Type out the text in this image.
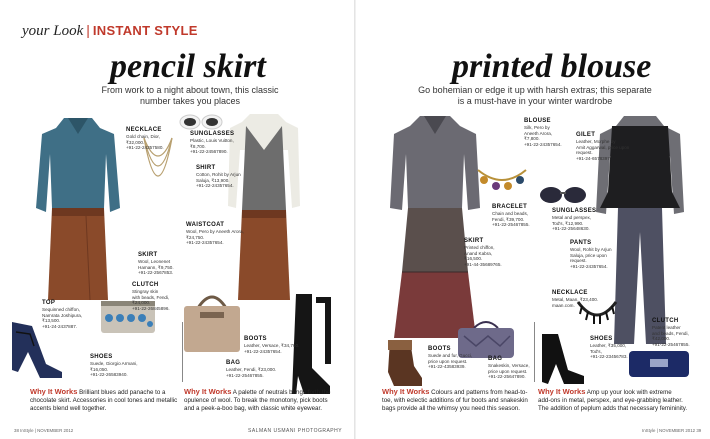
your Look | INSTANT STYLE
pencil skirt
From work to a night about town, this classic
number takes you places
NECKLACE
Gold chain, Dior,
₹32,000.
+91-22-24357580.
SUNGLASSES
Plastic, Louis Vuitton,
₹8,700.
+91-22-24567890.
SHIRT
Cotton, Rohit by Arjun
Saluja, ₹13,900.
+91-22-24357654.
WAISTCOAT
Wool, Pero by Aneeth Arora,
₹24,750.
+91-22-24357654.
SKIRT
Wool, Leonenet
Hamann, ₹9,750.
+91-22-2567853.
CLUTCH
Stingray skin
with beads, Fendi,
₹24,000.
+91-22-26845896.
TOP
Sequinned chiffon,
Namrata Joshipura,
₹13,500.
+91-24-2437887.
SHOES
Suede, Giorgio Armani,
₹16,050.
+91-22-26583940.
BOOTS
Leather, Versace, ₹34,760.
+91-22-24357654.
BAG
Leather, Fendi, ₹23,000.
+91-22-25467855.
Why It Works Brilliant blues add panache to a
chocolate skirt. Accessories in cool tones and metallic
accents blend well together.
Why It Works A palette of neutrals brings forth the
opulence of wool. To break the monotony, pick boots
and a peek-a-boo bag, with classic white eyewear.
38 InStyle | NOVEMBER 2012	SALMAN USMANI PHOTOGRAPHY
printed blouse
Go bohemian or edge it up with harsh extras; this separate
is a must-have in your winter wardrobe
BLOUSE
Silk, Pero by
Aneeth Arora,
₹7,800.
+91-22-24357654.
GILET
Leather, Morphe by
Amit Aggarwal, price upon
request.
+91-24-6578397.
BRACELET
Chain and beads,
Fendi, ₹39,700.
+91-22-25467855.
SUNGLASSES
Metal and perspex,
Tod's, ₹12,990.
+91-22-25648630.
SKIRT
Printed chiffon,
Anand Kabra,
₹16,500.
+91-44-35689765.
PANTS
Wool, Rohit by Arjun
Saluja, price upon
request.
+91-22-24357654.
NECKLACE
Metal, Maan, ₹23,400.
maan.com.
BOOTS
Suede and fur, Gucci,
price upon request.
+91-22-43583939.
BAG
Snakeskin, Versace,
price upon request.
+91-22-25647890.
SHOES
Leather, ₹35,000,
Tod's,
+91-22-23456783.
CLUTCH
Patent leather
and beads, Fendi,
₹42,000.
+91-22-25467855.
Why It Works Colours and patterns from head-to-
toe, with eclectic additions of fur boots and snakeskin
bags provide all the whimsy you need this season.
Why It Works Amp up your look with extreme
add-ons in metal, perspex, and eye-grabbing leather.
The addition of peplum adds that necessary femininity.
InStyle | NOVEMBER 2012 39
